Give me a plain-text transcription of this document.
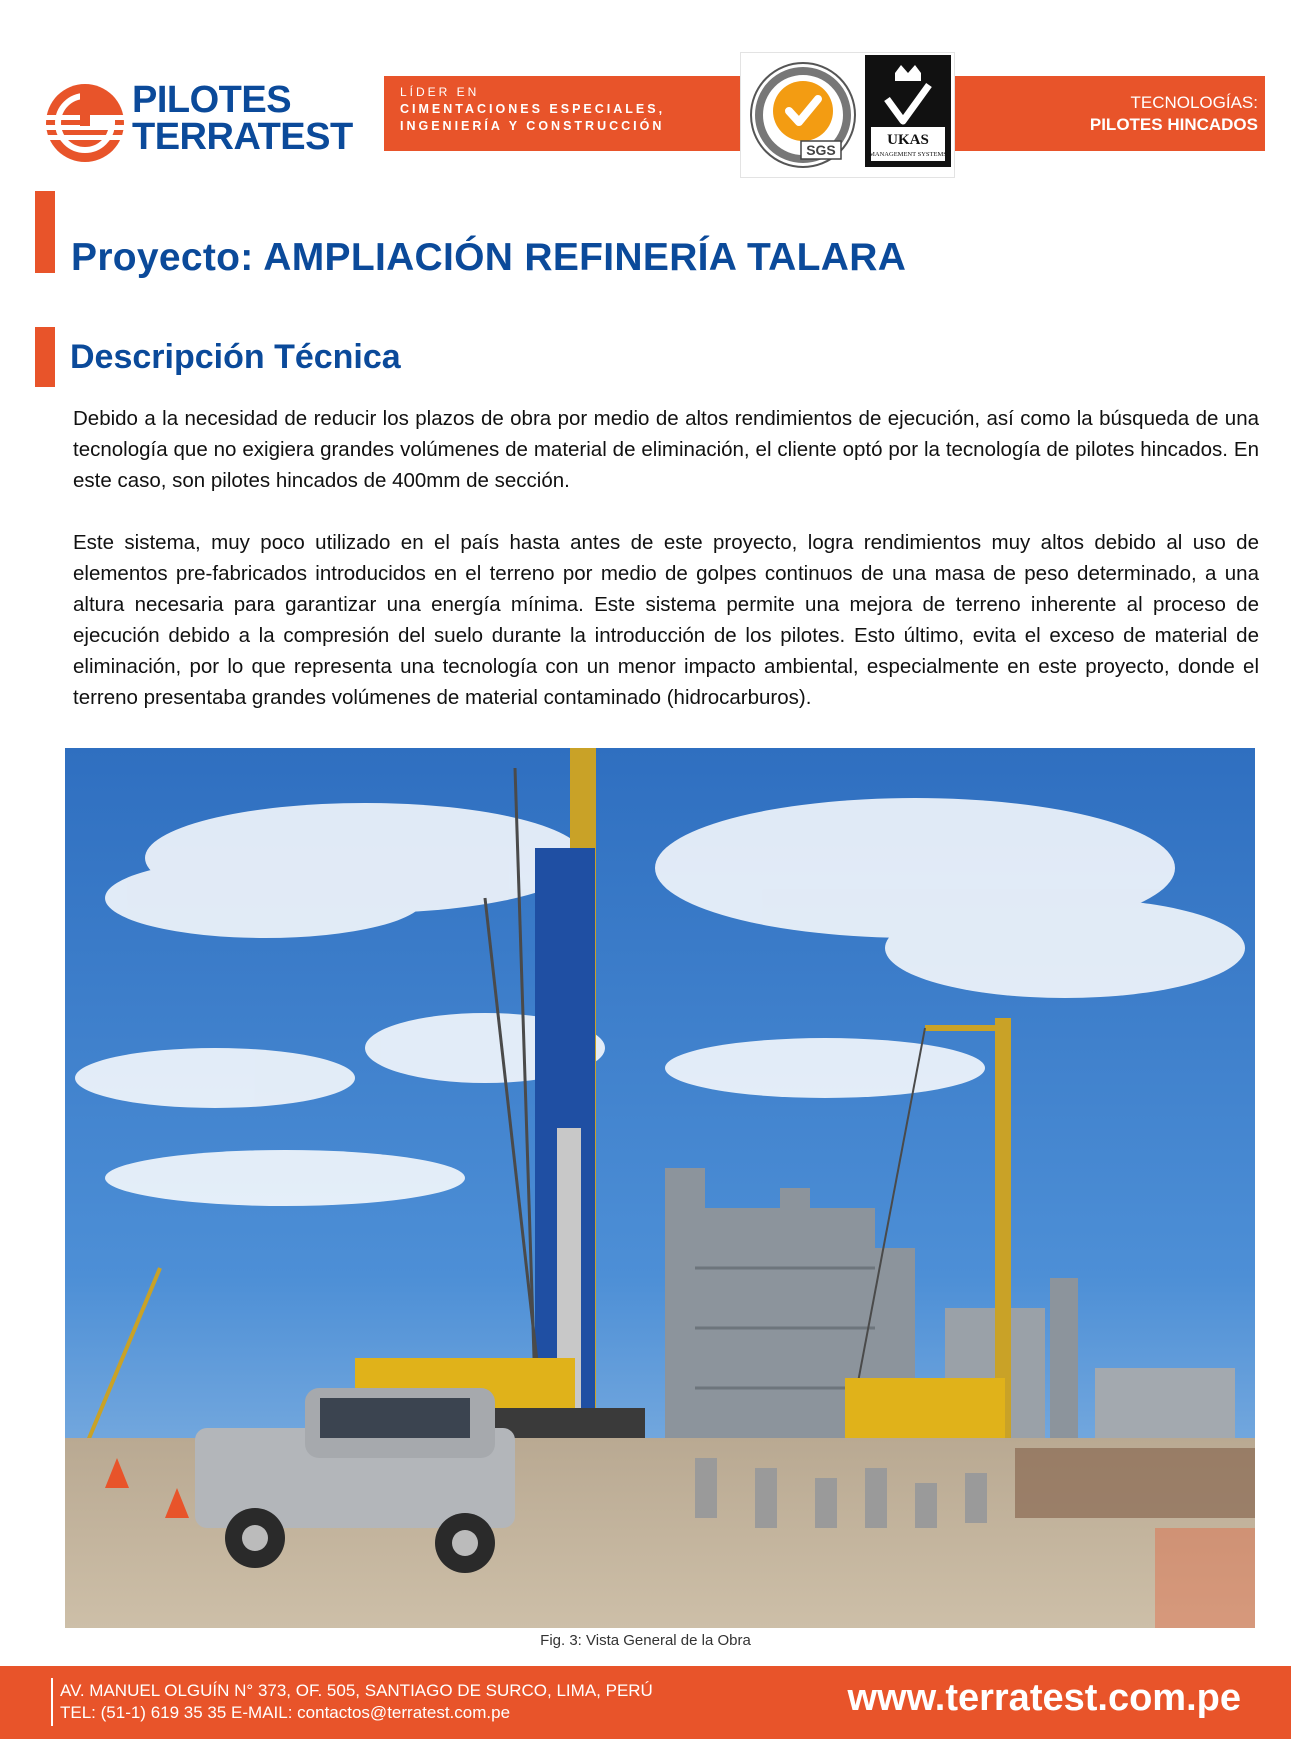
PILOTES
TERRATEST
LÍDER EN
CIMENTACIONES ESPECIALES,
INGENIERÍA Y CONSTRUCCIÓN
SGS
UKAS
MANAGEMENT SYSTEMS
TECNOLOGÍAS:
PILOTES HINCADOS
Proyecto: AMPLIACIÓN REFINERÍA TALARA
Descripción Técnica

Debido a la necesidad de reducir los plazos de obra por medio de altos rendimientos de ejecución, así como la búsqueda de una tecnología que no exigiera grandes volúmenes de material de eliminación, el cliente optó por la tecnología de pilotes hincados. En este caso, son pilotes hincados de 400mm de sección.

Este sistema, muy poco utilizado en el país hasta antes de este proyecto, logra rendimientos muy altos debido al uso de elementos pre-fabricados introducidos en el terreno por medio de golpes continuos de una masa de peso determinado, a una altura necesaria para garantizar una energía mínima. Este sistema permite una mejora de terreno inherente al proceso de ejecución debido a la compresión del suelo durante la introducción de los pilotes. Esto último, evita el exceso de material de eliminación, por lo que representa una tecnología con un menor impacto ambiental, especialmente en este proyecto, donde el terreno presentaba grandes volúmenes de material contaminado (hidrocarburos).

Fig. 3: Vista General de la Obra
AV. MANUEL OLGUÍN N° 373, OF. 505, SANTIAGO DE SURCO, LIMA, PERÚ
TEL: (51-1) 619 35 35 E-MAIL: contactos@terratest.com.pe	www.terratest.com.pe
